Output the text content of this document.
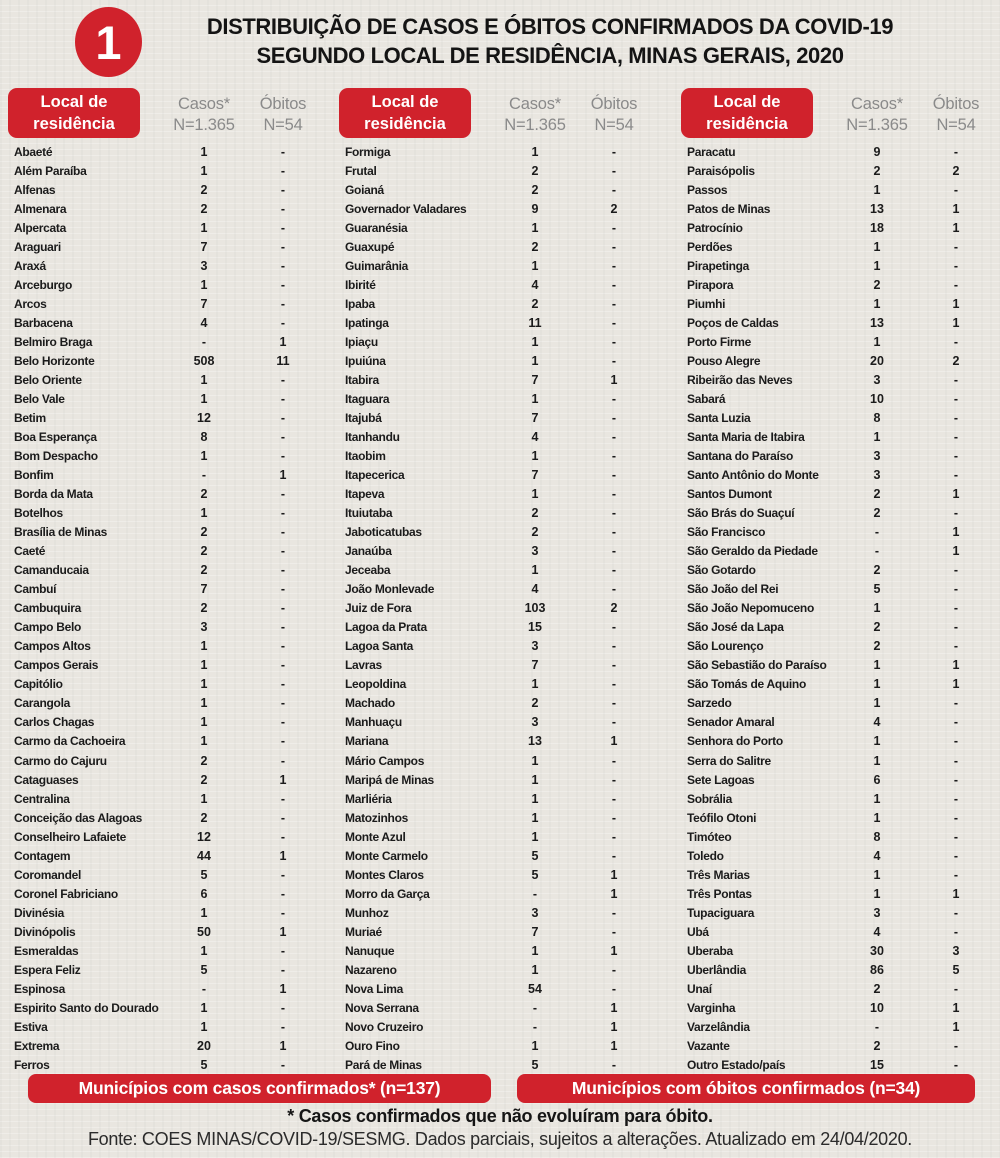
1	DISTRIBUIÇÃO DE CASOS E ÓBITOS CONFIRMADOS DA COVID-19
SEGUNDO LOCAL DE RESIDÊNCIA, MINAS GERAIS, 2020
Local de
residência
Casos*
N=1.365
Óbitos
N=54
Abaeté	1	-
Além Paraíba	1	-
Alfenas	2	-
Almenara	2	-
Alpercata	1	-
Araguari	7	-
Araxá	3	-
Arceburgo	1	-
Arcos	7	-
Barbacena	4	-
Belmiro Braga	-	1
Belo Horizonte	508	11
Belo Oriente	1	-
Belo Vale	1	-
Betim	12	-
Boa Esperança	8	-
Bom Despacho	1	-
Bonfim	-	1
Borda da Mata	2	-
Botelhos	1	-
Brasília de Minas	2	-
Caeté	2	-
Camanducaia	2	-
Cambuí	7	-
Cambuquira	2	-
Campo Belo	3	-
Campos Altos	1	-
Campos Gerais	1	-
Capitólio	1	-
Carangola	1	-
Carlos Chagas	1	-
Carmo da Cachoeira	1	-
Carmo do Cajuru	2	-
Cataguases	2	1
Centralina	1	-
Conceição das Alagoas	2	-
Conselheiro Lafaiete	12	-
Contagem	44	1
Coromandel	5	-
Coronel Fabriciano	6	-
Divinésia	1	-
Divinópolis	50	1
Esmeraldas	1	-
Espera Feliz	5	-
Espinosa	-	1
Espirito Santo do Dourado	1	-
Estiva	1	-
Extrema	20	1
Ferros	5	-
Local de
residência
Casos*
N=1.365
Óbitos
N=54
Formiga	1	-
Frutal	2	-
Goianá	2	-
Governador Valadares	9	2
Guaranésia	1	-
Guaxupé	2	-
Guimarânia	1	-
Ibirité	4	-
Ipaba	2	-
Ipatinga	11	-
Ipiaçu	1	-
Ipuiúna	1	-
Itabira	7	1
Itaguara	1	-
Itajubá	7	-
Itanhandu	4	-
Itaobim	1	-
Itapecerica	7	-
Itapeva	1	-
Ituiutaba	2	-
Jaboticatubas	2	-
Janaúba	3	-
Jeceaba	1	-
João Monlevade	4	-
Juiz de Fora	103	2
Lagoa da Prata	15	-
Lagoa Santa	3	-
Lavras	7	-
Leopoldina	1	-
Machado	2	-
Manhuaçu	3	-
Mariana	13	1
Mário Campos	1	-
Maripá de Minas	1	-
Marliéria	1	-
Matozinhos	1	-
Monte Azul	1	-
Monte Carmelo	5	-
Montes Claros	5	1
Morro da Garça	-	1
Munhoz	3	-
Muriaé	7	-
Nanuque	1	1
Nazareno	1	-
Nova Lima	54	-
Nova Serrana	-	1
Novo Cruzeiro	-	1
Ouro Fino	1	1
Pará de Minas	5	-
Local de
residência
Casos*
N=1.365
Óbitos
N=54
Paracatu	9	-
Paraisópolis	2	2
Passos	1	-
Patos de Minas	13	1
Patrocínio	18	1
Perdões	1	-
Pirapetinga	1	-
Pirapora	2	-
Piumhi	1	1
Poços de Caldas	13	1
Porto Firme	1	-
Pouso Alegre	20	2
Ribeirão das Neves	3	-
Sabará	10	-
Santa Luzia	8	-
Santa Maria de Itabira	1	-
Santana do Paraíso	3	-
Santo Antônio do Monte	3	-
Santos Dumont	2	1
São Brás do Suaçuí	2	-
São Francisco	-	1
São Geraldo da Piedade	-	1
São Gotardo	2	-
São João del Rei	5	-
São João Nepomuceno	1	-
São José da Lapa	2	-
São Lourenço	2	-
São Sebastião do Paraíso	1	1
São Tomás de Aquino	1	1
Sarzedo	1	-
Senador Amaral	4	-
Senhora do Porto	1	-
Serra do Salitre	1	-
Sete Lagoas	6	-
Sobrália	1	-
Teófilo Otoni	1	-
Timóteo	8	-
Toledo	4	-
Três Marias	1	-
Três Pontas	1	1
Tupaciguara	3	-
Ubá	4	-
Uberaba	30	3
Uberlândia	86	5
Unaí	2	-
Varginha	10	1
Varzelândia	-	1
Vazante	2	-
Outro Estado/país	15	-
Municípios com casos confirmados* (n=137)	Municípios com óbitos confirmados (n=34)
* Casos confirmados que não evoluíram para óbito.
Fonte: COES MINAS/COVID-19/SESMG. Dados parciais, sujeitos a alterações. Atualizado em 24/04/2020.
